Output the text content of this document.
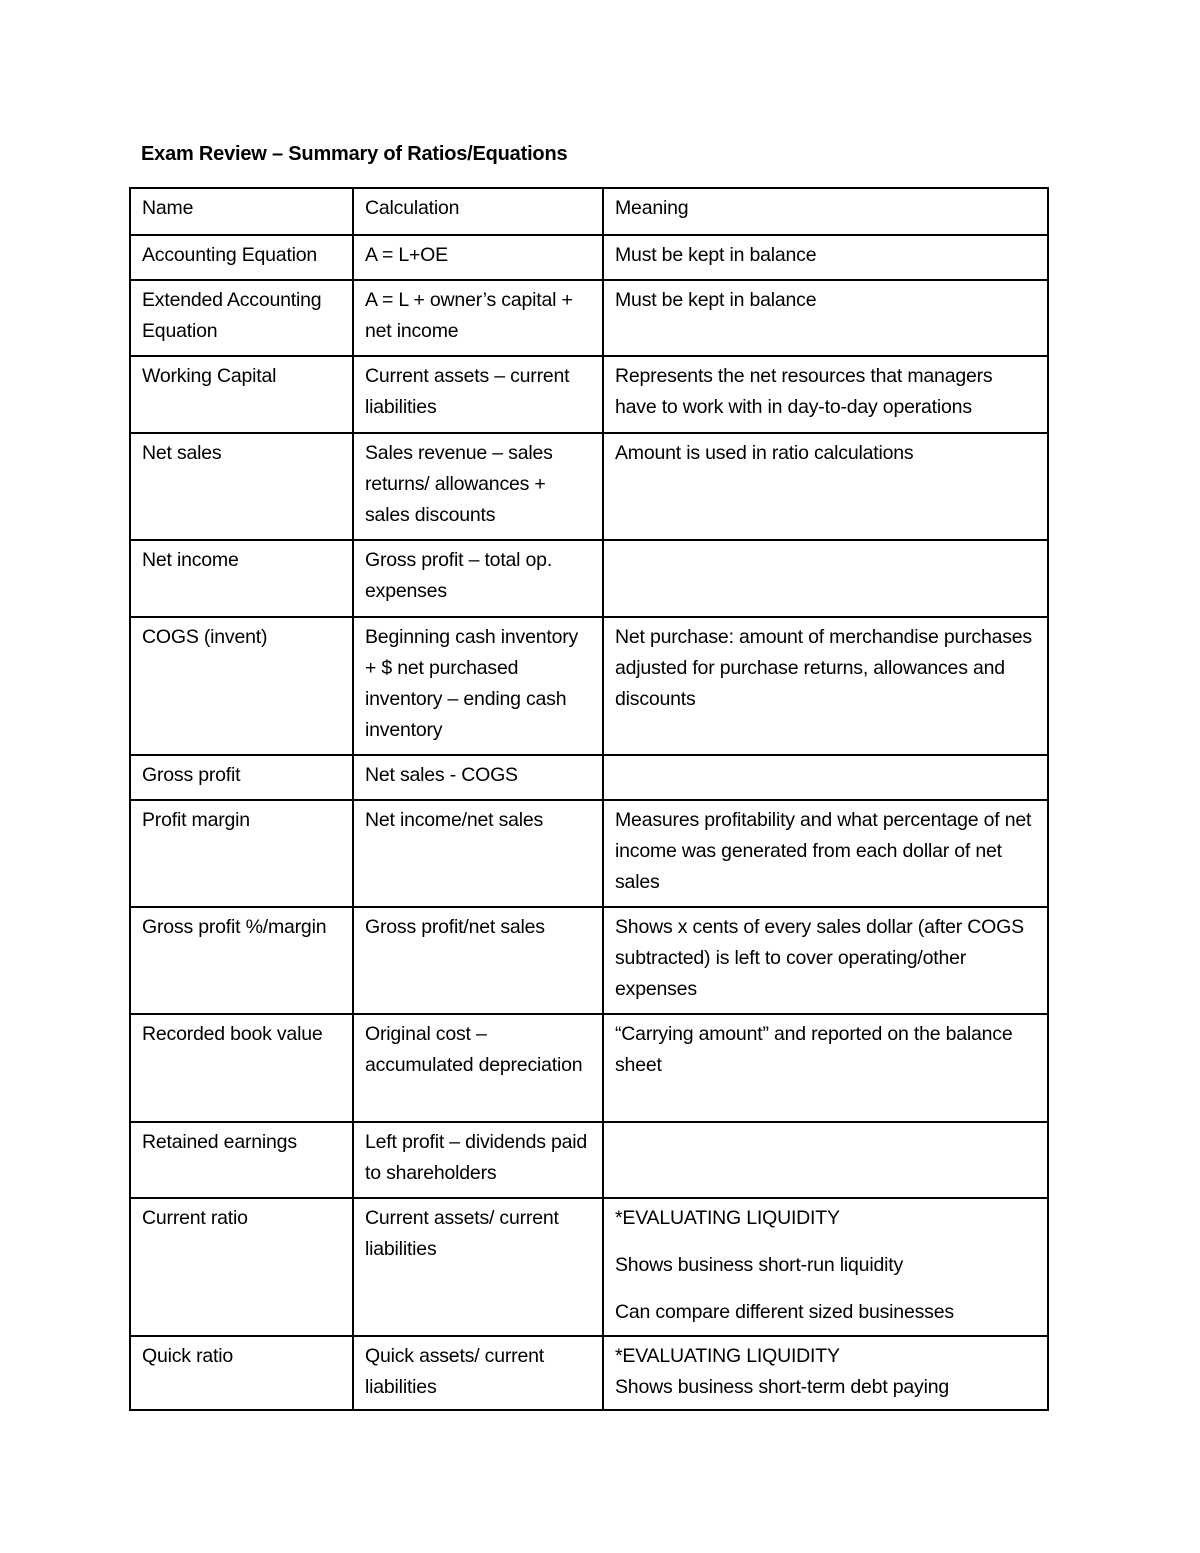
Exam Review – Summary of Ratios/Equations
Name	Calculation	Meaning
Accounting Equation	A = L+OE	Must be kept in balance

Extended Accounting Equation	A = L + owner’s capital + net income	Must be kept in balance

Working Capital	Current assets – current liabilities	Represents the net resources that managers have to work with in day-to-day operations

Net sales	Sales revenue – sales returns/ allowances + sales discounts	Amount is used in ratio calculations

Net income	Gross profit – total op. expenses	
COGS (invent)	Beginning cash inventory + $ net purchased inventory – ending cash inventory	Net purchase: amount of merchandise purchases adjusted for purchase returns, allowances and discounts

Gross profit	Net sales - COGS	
Profit margin	Net income/net sales	Measures profitability and what percentage of net income was generated from each dollar of net sales

Gross profit %/margin	Gross profit/net sales	Shows x cents of every sales dollar (after COGS subtracted) is left to cover operating/other expenses

Recorded book value	Original cost – accumulated depreciation	“Carrying amount” and reported on the balance sheet

Retained earnings	Left profit – dividends paid to shareholders	
Current ratio	Current assets/ current liabilities	*EVALUATING LIQUIDITY
Shows business short-run liquidity
Can compare different sized businesses

Quick ratio	Quick assets/ current liabilities	*EVALUATING LIQUIDITY
Shows business short-term debt paying
